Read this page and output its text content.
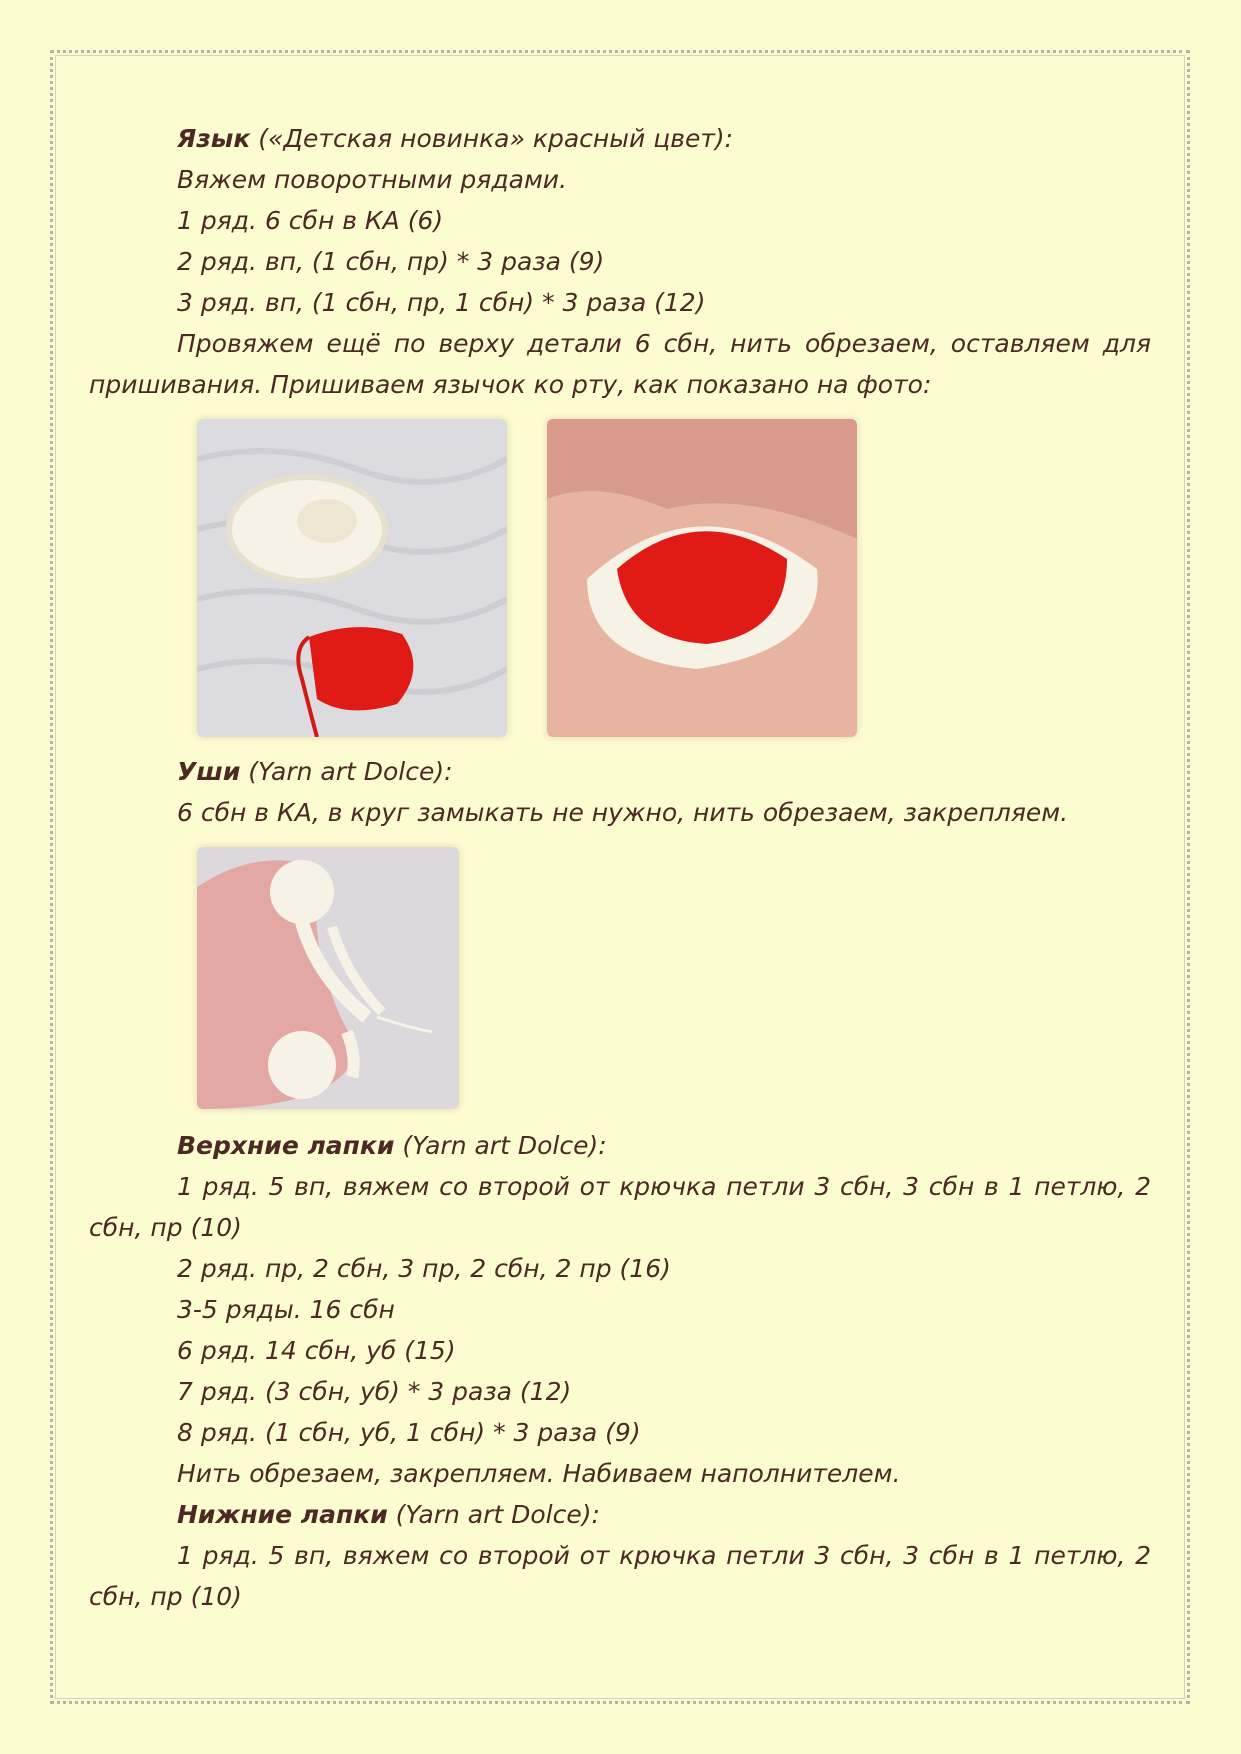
Язык («Детская новинка» красный цвет):

Вяжем поворотными рядами.

1 ряд. 6 сбн в КА (6)

2 ряд. вп, (1 сбн, пр) * 3 раза (9)

3 ряд. вп, (1 сбн, пр, 1 сбн) * 3 раза (12)

Провяжем ещё по верху детали 6 сбн, нить обрезаем, оставляем для пришивания. Пришиваем язычок ко рту, как показано на фото:

Уши (Yarn art Dolce):

6 сбн в КА, в круг замыкать не нужно, нить обрезаем, закрепляем.

Верхние лапки (Yarn art Dolce):

1 ряд. 5 вп, вяжем со второй от крючка петли 3 сбн, 3 сбн в 1 петлю, 2 сбн, пр (10)

2 ряд. пр, 2 сбн, 3 пр, 2 сбн, 2 пр (16)

3-5 ряды. 16 сбн

6 ряд. 14 сбн, уб (15)

7 ряд. (3 сбн, уб) * 3 раза (12)

8 ряд. (1 сбн, уб, 1 сбн) * 3 раза (9)

Нить обрезаем, закрепляем. Набиваем наполнителем.

Нижние лапки (Yarn art Dolce):

1 ряд. 5 вп, вяжем со второй от крючка петли 3 сбн, 3 сбн в 1 петлю, 2 сбн, пр (10)
